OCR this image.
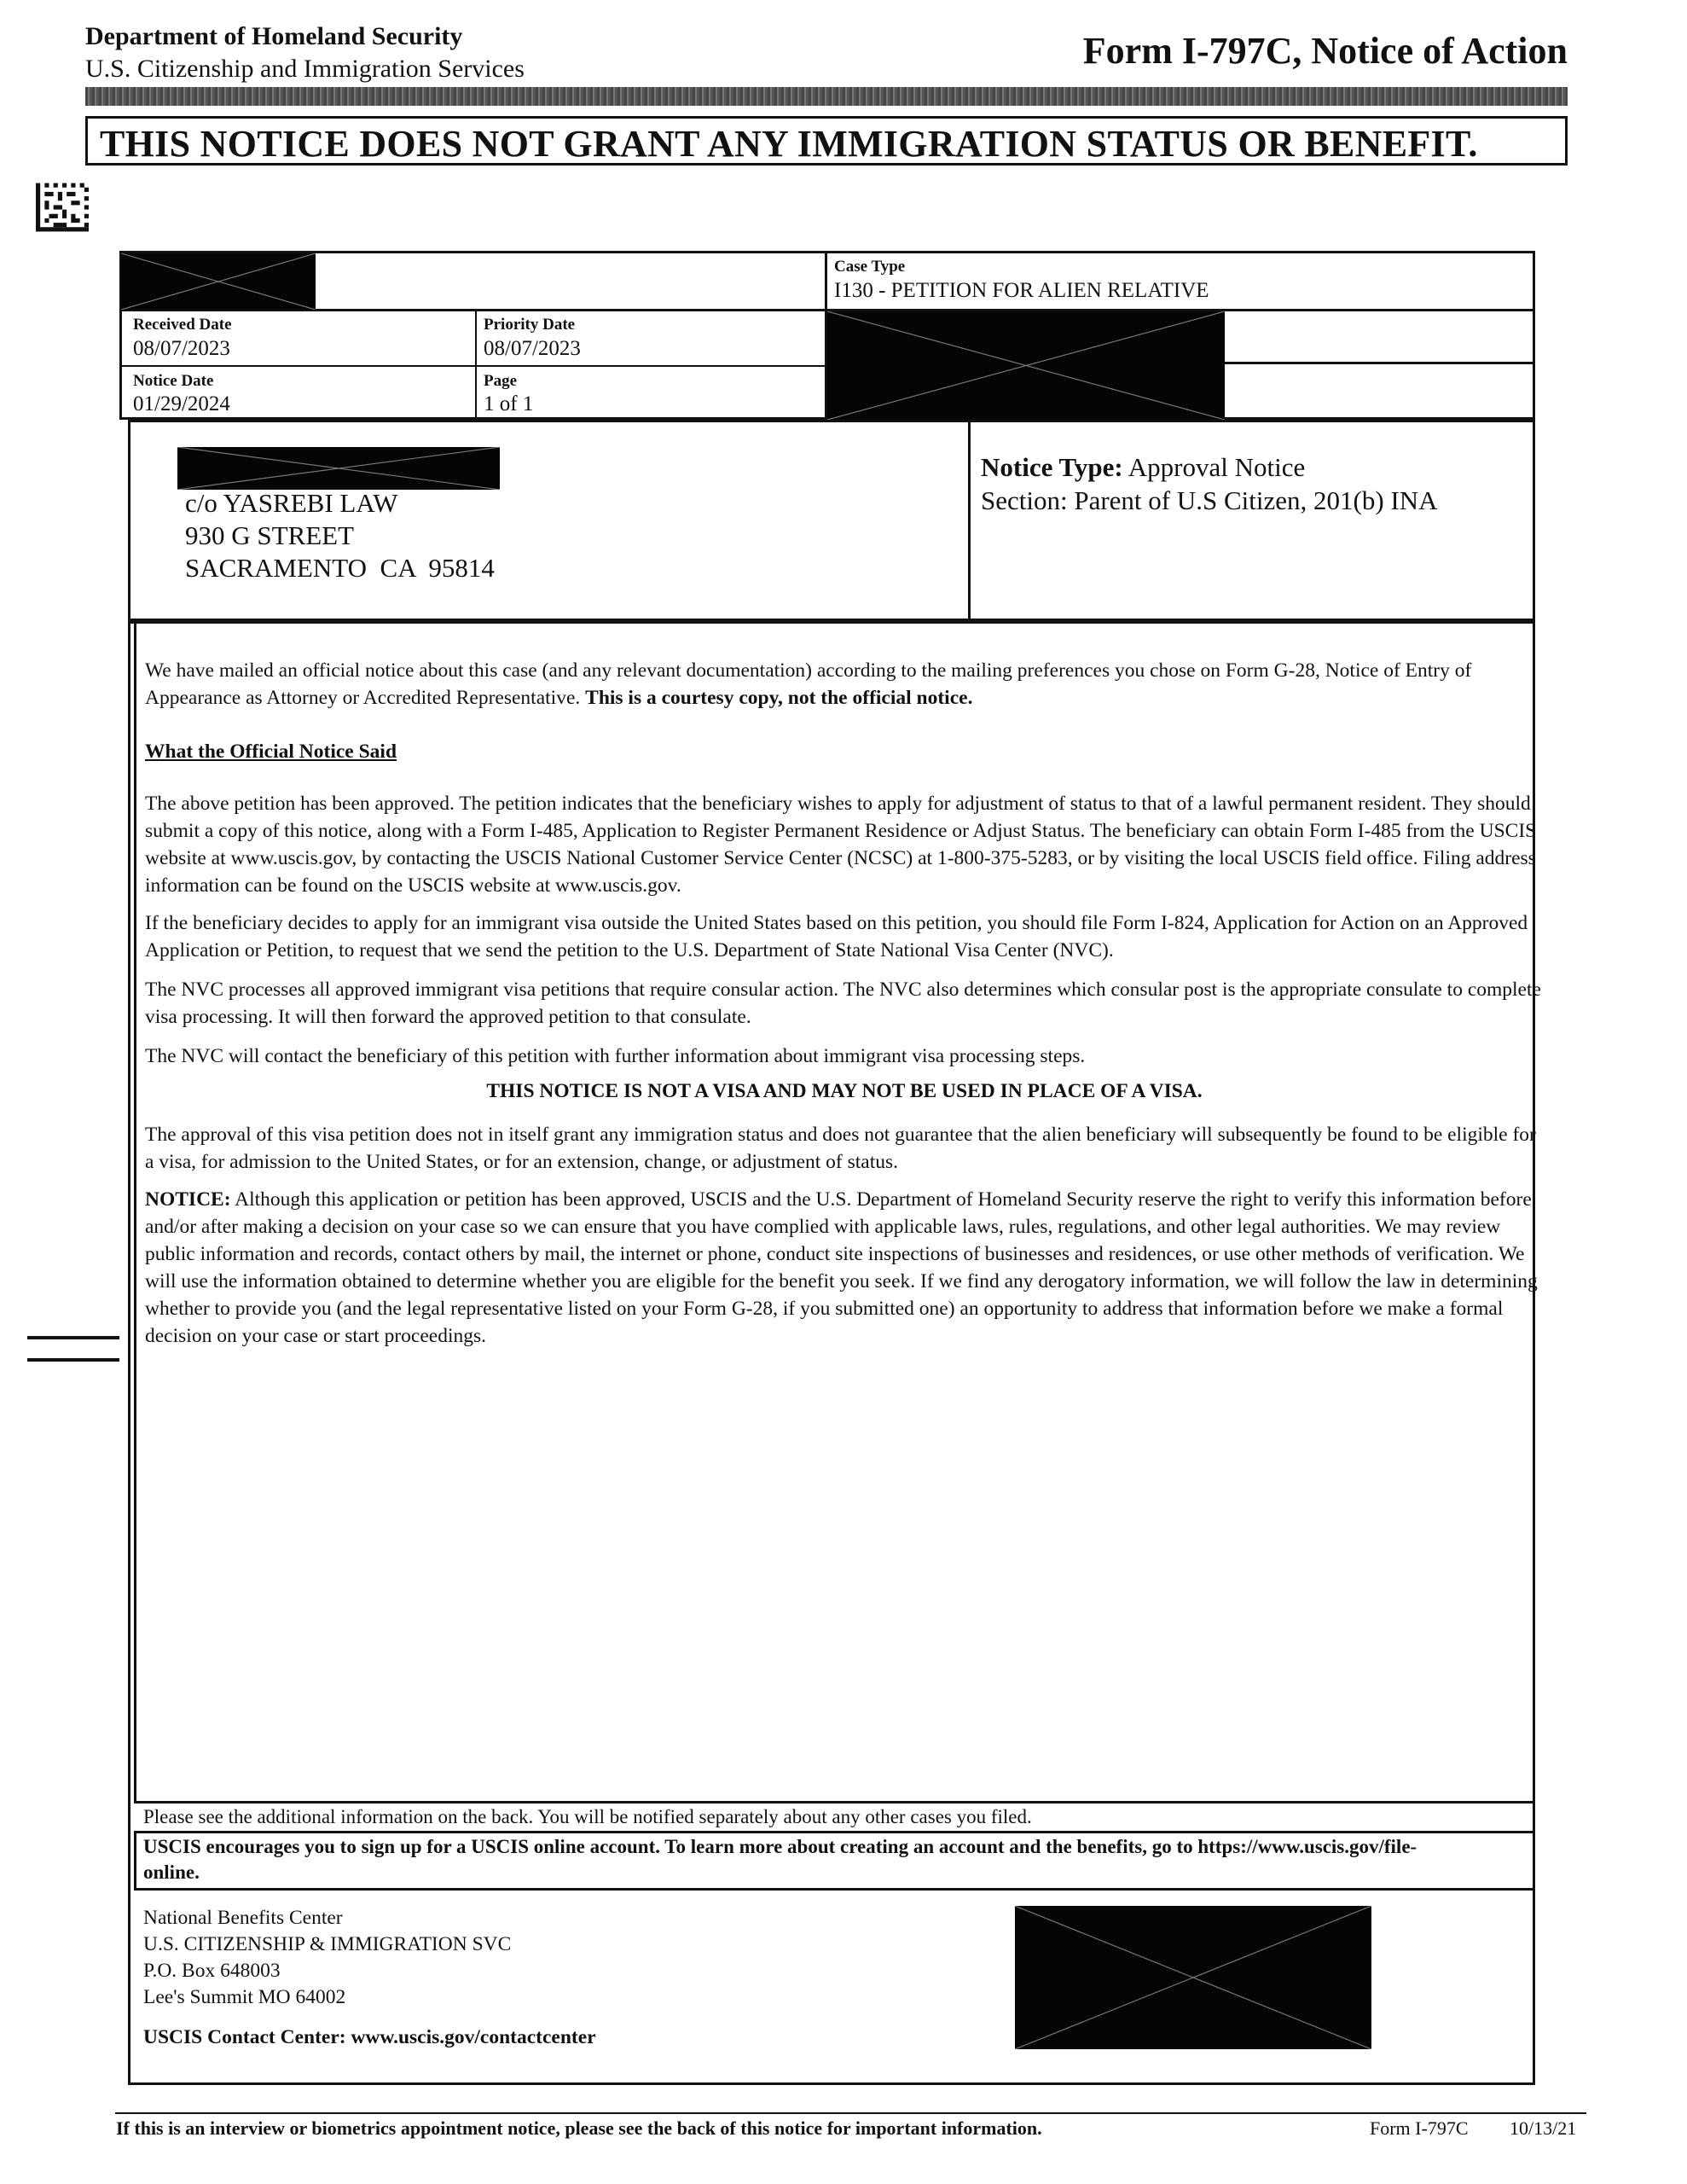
Department of Homeland Security
U.S. Citizenship and Immigration Services	Form I-797C, Notice of Action
THIS NOTICE DOES NOT GRANT ANY IMMIGRATION STATUS OR BENEFIT.
Case Type
I130 - PETITION FOR ALIEN RELATIVE
Received Date
08/07/2023
Priority Date
08/07/2023
Notice Date
01/29/2024
Page
1 of 1
c/o YASREBI LAW
930 G STREET
SACRAMENTO  CA  95814
Notice Type: Approval Notice
Section: Parent of U.S Citizen, 201(b) INA

We have mailed an official notice about this case (and any relevant documentation) according to the mailing preferences you chose on Form G-28, Notice of Entry of Appearance as Attorney or Accredited Representative. This is a courtesy copy, not the official notice.

What the Official Notice Said

The above petition has been approved. The petition indicates that the beneficiary wishes to apply for adjustment of status to that of a lawful permanent resident. They should submit a copy of this notice, along with a Form I-485, Application to Register Permanent Residence or Adjust Status. The beneficiary can obtain Form I-485 from the USCIS website at www.uscis.gov, by contacting the USCIS National Customer Service Center (NCSC) at 1-800-375-5283, or by visiting the local USCIS field office. Filing address information can be found on the USCIS website at www.uscis.gov.

If the beneficiary decides to apply for an immigrant visa outside the United States based on this petition, you should file Form I-824, Application for Action on an Approved Application or Petition, to request that we send the petition to the U.S. Department of State National Visa Center (NVC).

The NVC processes all approved immigrant visa petitions that require consular action. The NVC also determines which consular post is the appropriate consulate to complete visa processing. It will then forward the approved petition to that consulate.

The NVC will contact the beneficiary of this petition with further information about immigrant visa processing steps.

THIS NOTICE IS NOT A VISA AND MAY NOT BE USED IN PLACE OF A VISA.

The approval of this visa petition does not in itself grant any immigration status and does not guarantee that the alien beneficiary will subsequently be found to be eligible for a visa, for admission to the United States, or for an extension, change, or adjustment of status.

NOTICE: Although this application or petition has been approved, USCIS and the U.S. Department of Homeland Security reserve the right to verify this information before and/or after making a decision on your case so we can ensure that you have complied with applicable laws, rules, regulations, and other legal authorities. We may review public information and records, contact others by mail, the internet or phone, conduct site inspections of businesses and residences, or use other methods of verification. We will use the information obtained to determine whether you are eligible for the benefit you seek. If we find any derogatory information, we will follow the law in determining whether to provide you (and the legal representative listed on your Form G-28, if you submitted one) an opportunity to address that information before we make a formal decision on your case or start proceedings.

Please see the additional information on the back. You will be notified separately about any other cases you filed.
USCIS encourages you to sign up for a USCIS online account. To learn more about creating an account and the benefits, go to https://www.uscis.gov/file-online.
National Benefits Center
U.S. CITIZENSHIP & IMMIGRATION SVC
P.O. Box 648003
Lee's Summit MO 64002
USCIS Contact Center: www.uscis.gov/contactcenter
If this is an interview or biometrics appointment notice, please see the back of this notice for important information.	Form I-797C 10/13/21
